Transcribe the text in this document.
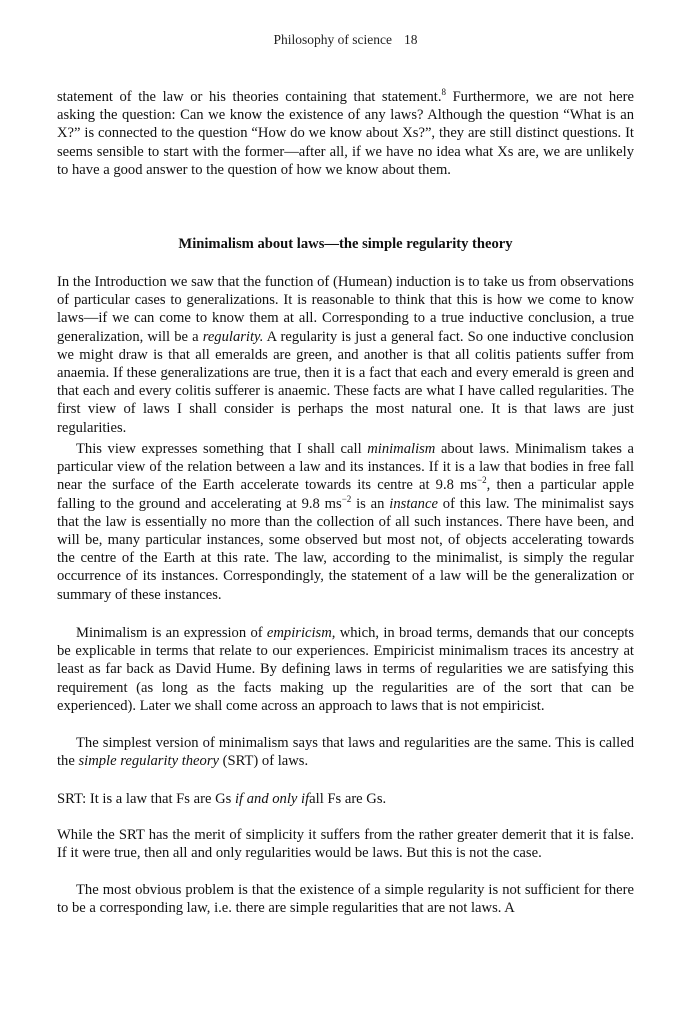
Philosophy of science 18

statement of the law or his theories containing that statement.$^8$ Furthermore, we are not here asking the question: Can we know the existence of any laws? Although the question “What is an X?” is connected to the question “How do we know about Xs?”, they are still distinct questions. It seems sensible to start with the former—after all, if we have no idea what Xs are, we are unlikely to have a good answer to the question of how we know about them.

Minimalism about laws—the simple regularity theory

In the Introduction we saw that the function of (Humean) induction is to take us from observations of particular cases to generalizations. It is reasonable to think that this is how we come to know laws—if we can come to know them at all. Corresponding to a true inductive conclusion, a true generalization, will be a regularity. A regularity is just a general fact. So one inductive conclusion we might draw is that all emeralds are green, and another is that all colitis patients suffer from anaemia. If these generalizations are true, then it is a fact that each and every emerald is green and that each and every colitis sufferer is anaemic. These facts are what I have called regularities. The first view of laws I shall consider is perhaps the most natural one. It is that laws are just regularities.

This view expresses something that I shall call minimalism about laws. Minimalism takes a particular view of the relation between a law and its instances. If it is a law that bodies in free fall near the surface of the Earth accelerate towards its centre at 9.8 $ms^{-2}$, then a particular apple falling to the ground and accelerating at 9.8 $ms^{-2}$ is an instance of this law. The minimalist says that the law is essentially no more than the collection of all such instances. There have been, and will be, many particular instances, some observed but most not, of objects accelerating towards the centre of the Earth at this rate. The law, according to the minimalist, is simply the regular occurrence of its instances. Correspondingly, the statement of a law will be the generalization or summary of these instances.

Minimalism is an expression of empiricism, which, in broad terms, demands that our concepts be explicable in terms that relate to our experiences. Empiricist minimalism traces its ancestry at least as far back as David Hume. By defining laws in terms of regularities we are satisfying this requirement (as long as the facts making up the regularities are of the sort that can be experienced). Later we shall come across an approach to laws that is not empiricist.

The simplest version of minimalism says that laws and regularities are the same. This is called the simple regularity theory (SRT) of laws.

SRT: It is a law that Fs are Gs if and only ifall Fs are Gs.

While the SRT has the merit of simplicity it suffers from the rather greater demerit that it is false. If it were true, then all and only regularities would be laws. But this is not the case.

The most obvious problem is that the existence of a simple regularity is not sufficient for there to be a corresponding law, i.e. there are simple regularities that are not laws. A
